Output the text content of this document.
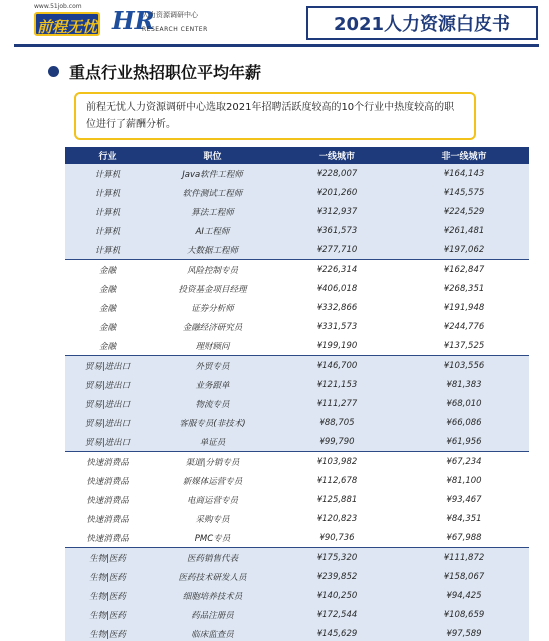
www.51job.com
前程无忧 HR
人力资源调研中心
RESEARCH CENTER	2021人力资源白皮书
重点行业热招职位平均年薪
前程无忧人力资源调研中心选取2021年招聘活跃度较高的10个行业中热度较高的职位进行了薪酬分析。
行业	职位	一线城市	非一线城市
计算机	Java软件工程师	¥228,007	¥164,143
计算机	软件测试工程师	¥201,260	¥145,575
计算机	算法工程师	¥312,937	¥224,529
计算机	AI工程师	¥361,573	¥261,481
计算机	大数据工程师	¥277,710	¥197,062
金融	风险控制专员	¥226,314	¥162,847
金融	投资基金项目经理	¥406,018	¥268,351
金融	证券分析师	¥332,866	¥191,948
金融	金融经济研究员	¥331,573	¥244,776
金融	理财顾问	¥199,190	¥137,525
贸易|进出口	外贸专员	¥146,700	¥103,556
贸易|进出口	业务跟单	¥121,153	¥81,383
贸易|进出口	物流专员	¥111,277	¥68,010
贸易|进出口	客服专员(非技术)	¥88,705	¥66,086
贸易|进出口	单证员	¥99,790	¥61,956
快速消费品	渠道|分销专员	¥103,982	¥67,234
快速消费品	新媒体运营专员	¥112,678	¥81,100
快速消费品	电商运营专员	¥125,881	¥93,467
快速消费品	采购专员	¥120,823	¥84,351
快速消费品	PMC专员	¥90,736	¥67,988
生物|医药	医药销售代表	¥175,320	¥111,872
生物|医药	医药技术研发人员	¥239,852	¥158,067
生物|医药	细胞培养技术员	¥140,250	¥94,425
生物|医药	药品注册员	¥172,544	¥108,659
生物|医药	临床监查员	¥145,629	¥97,589
